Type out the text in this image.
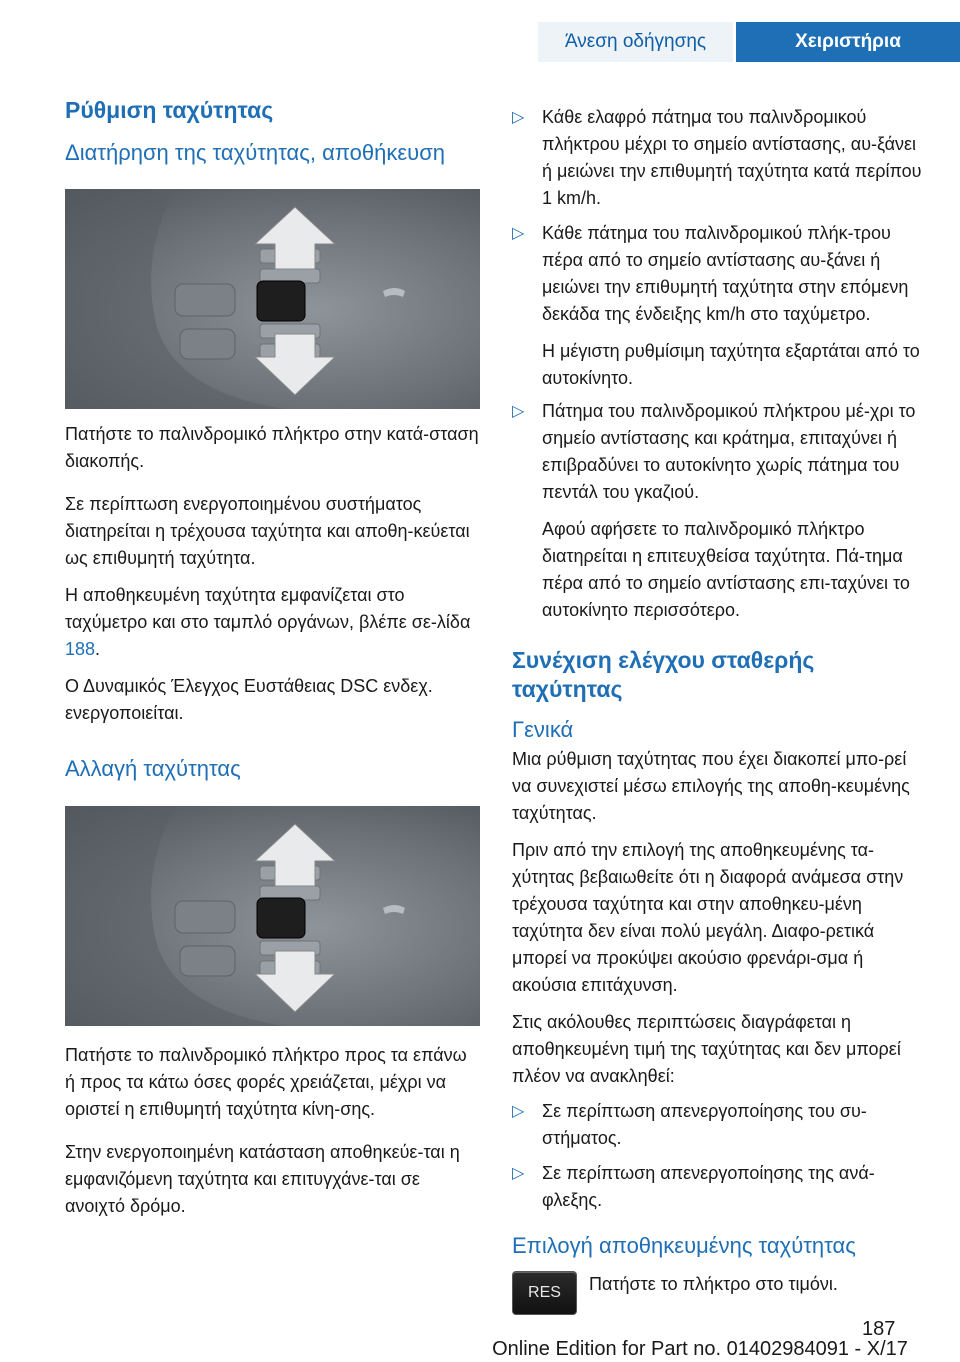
Άνεση οδήγησης	Χειριστήρια
Ρύθμιση ταχύτητας
Διατήρηση της ταχύτητας, αποθήκευση

Πατήστε το παλινδρομικό πλήκτρο στην κατά-σταση διακοπής.

Σε περίπτωση ενεργοποιημένου συστήματος διατηρείται η τρέχουσα ταχύτητα και αποθη-κεύεται ως επιθυμητή ταχύτητα.

Η αποθηκευμένη ταχύτητα εμφανίζεται στο ταχύμετρο και στο ταμπλό οργάνων, βλέπε σε-λίδα 188.

Ο Δυναμικός Έλεγχος Ευστάθειας DSC ενδεχ. ενεργοποιείται.

Αλλαγή ταχύτητας

Πατήστε το παλινδρομικό πλήκτρο προς τα επάνω ή προς τα κάτω όσες φορές χρειάζεται, μέχρι να οριστεί η επιθυμητή ταχύτητα κίνη-σης.

Στην ενεργοποιημένη κατάσταση αποθηκεύε-ται η εμφανιζόμενη ταχύτητα και επιτυγχάνε-ται σε ανοιχτό δρόμο.

▷ Κάθε ελαφρό πάτημα του παλινδρομικού πλήκτρου μέχρι το σημείο αντίστασης, αυ-ξάνει ή μειώνει την επιθυμητή ταχύτητα κατά περίπου 1 km/h.

▷ Κάθε πάτημα του παλινδρομικού πλήκ-τρου πέρα από το σημείο αντίστασης αυ-ξάνει ή μειώνει την επιθυμητή ταχύτητα στην επόμενη δεκάδα της ένδειξης km/h στο ταχύμετρο.

Η μέγιστη ρυθμίσιμη ταχύτητα εξαρτάται από το αυτοκίνητο.

▷ Πάτημα του παλινδρομικού πλήκτρου μέ-χρι το σημείο αντίστασης και κράτημα, επιταχύνει ή επιβραδύνει το αυτοκίνητο χωρίς πάτημα του πεντάλ του γκαζιού.

Αφού αφήσετε το παλινδρομικό πλήκτρο διατηρείται η επιτευχθείσα ταχύτητα. Πά-τημα πέρα από το σημείο αντίστασης επι-ταχύνει το αυτοκίνητο περισσότερο.

Συνέχιση ελέγχου σταθερής ταχύτητας
Γενικά

Μια ρύθμιση ταχύτητας που έχει διακοπεί μπο-ρεί να συνεχιστεί μέσω επιλογής της αποθη-κευμένης ταχύτητας.

Πριν από την επιλογή της αποθηκευμένης τα-χύτητας βεβαιωθείτε ότι η διαφορά ανάμεσα στην τρέχουσα ταχύτητα και στην αποθηκευ-μένη ταχύτητα δεν είναι πολύ μεγάλη. Διαφο-ρετικά μπορεί να προκύψει ακούσιο φρενάρι-σμα ή ακούσια επιτάχυνση.

Στις ακόλουθες περιπτώσεις διαγράφεται η αποθηκευμένη τιμή της ταχύτητας και δεν μπορεί πλέον να ανακληθεί:

▷ Σε περίπτωση απενεργοποίησης του συ-στήματος.

▷ Σε περίπτωση απενεργοποίησης της ανά-φλεξης.

Επιλογή αποθηκευμένης ταχύτητας
RES	Πατήστε το πλήκτρο στο τιμόνι.

187
Online Edition for Part no. 01402984091 - X/17
